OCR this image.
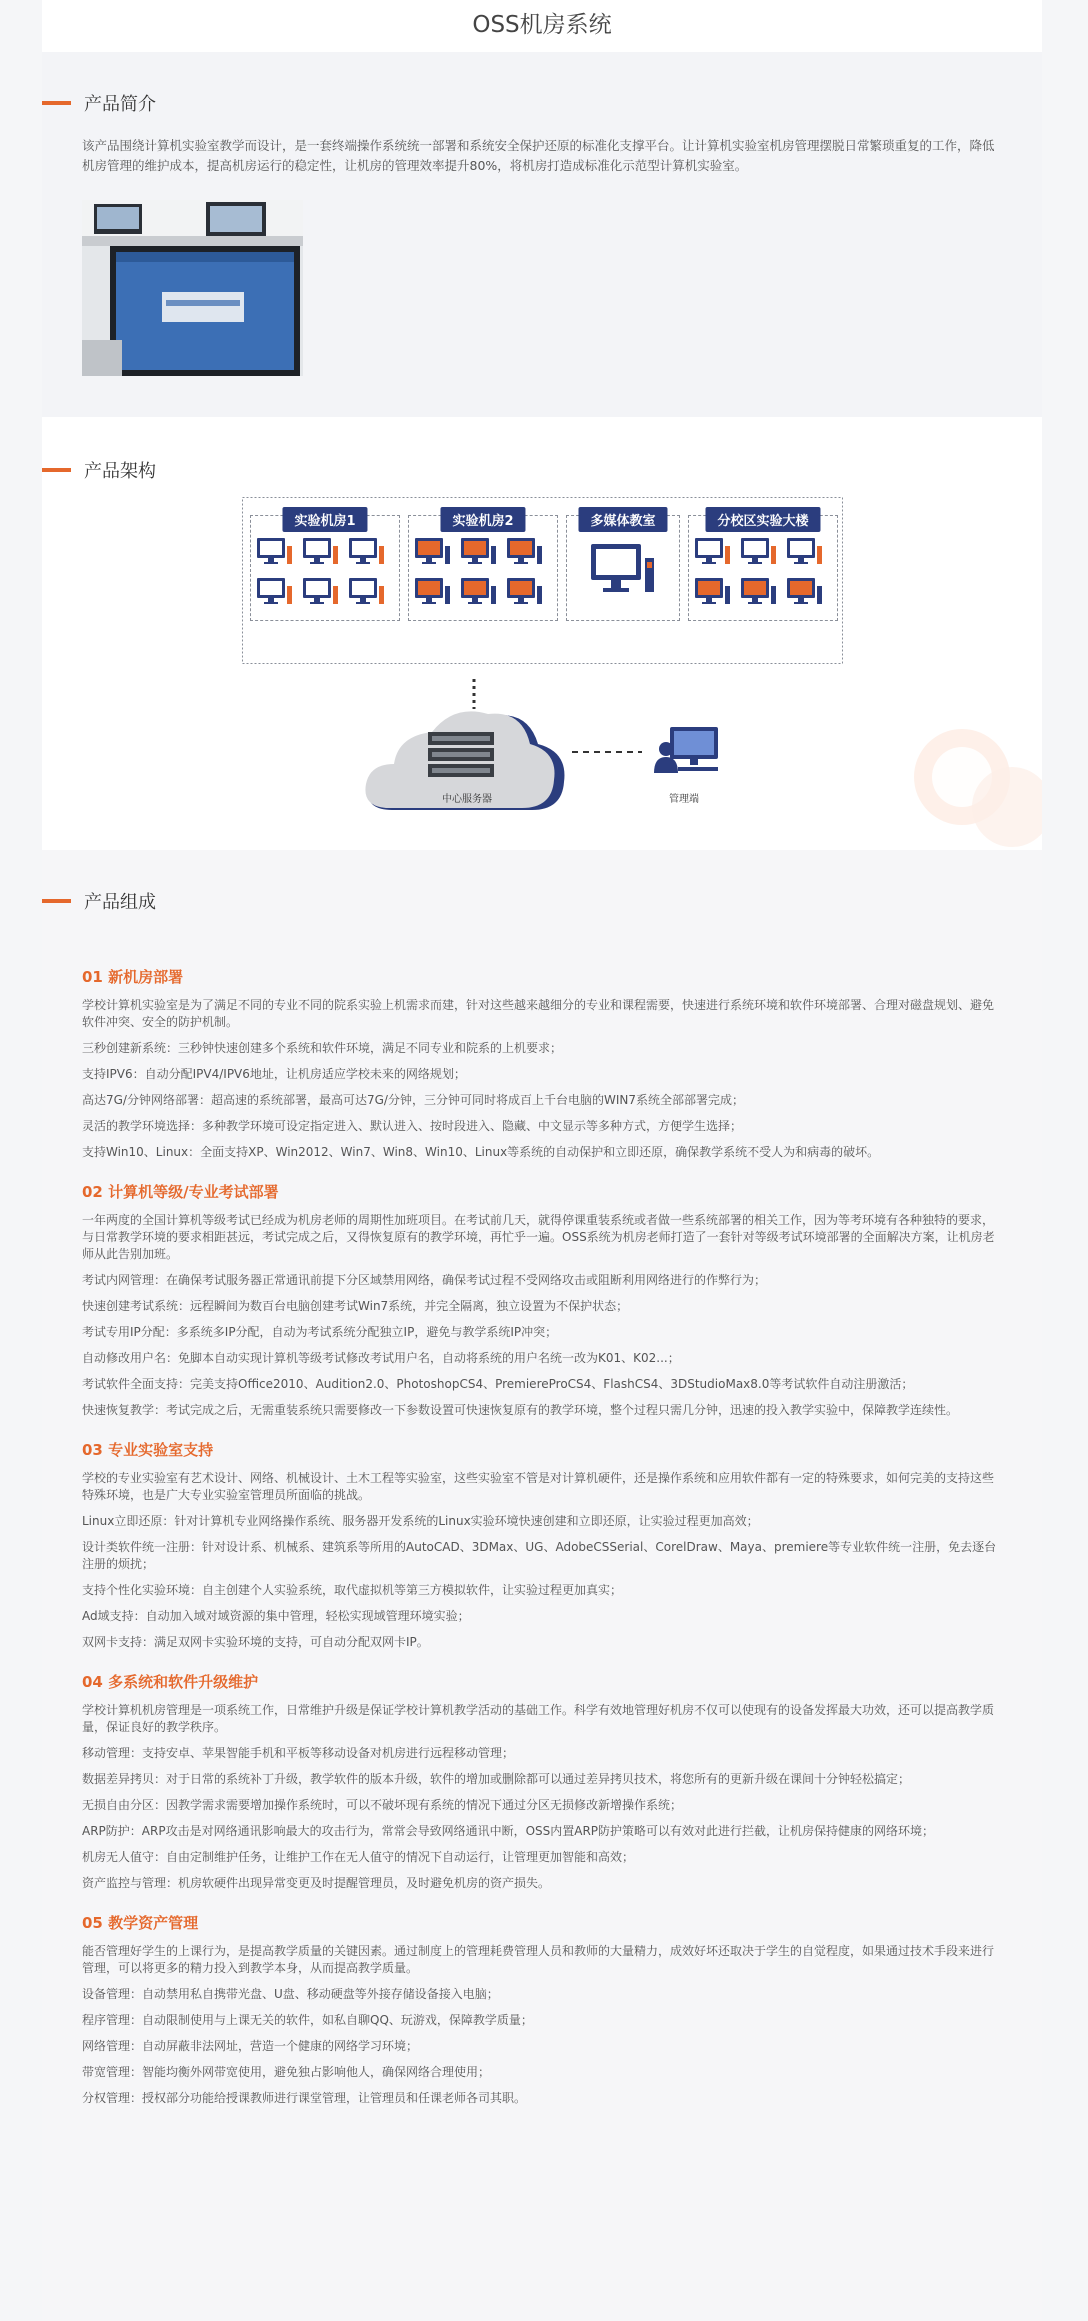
OSS机房系统
产品简介

该产品围绕计算机实验室教学而设计，是一套终端操作系统统一部署和系统安全保护还原的标准化支撑平台。让计算机实验室机房管理摆脱日常繁琐重复的工作，降低机房管理的维护成本，提高机房运行的稳定性，让机房的管理效率提升80%，将机房打造成标准化示范型计算机实验室。

产品架构
实验机房1	实验机房2	多媒体教室	分校区实验大楼
中心服务器	管理端
产品组成
01 新机房部署

学校计算机实验室是为了满足不同的专业不同的院系实验上机需求而建，针对这些越来越细分的专业和课程需要，快速进行系统环境和软件环境部署、合理对磁盘规划、避免软件冲突、安全的防护机制。

三秒创建新系统：三秒钟快速创建多个系统和软件环境，满足不同专业和院系的上机要求；

支持IPV6：自动分配IPV4/IPV6地址，让机房适应学校未来的网络规划；

高达7G/分钟网络部署：超高速的系统部署，最高可达7G/分钟，三分钟可同时将成百上千台电脑的WIN7系统全部部署完成；

灵活的教学环境选择：多种教学环境可设定指定进入、默认进入、按时段进入、隐藏、中文显示等多种方式，方便学生选择；

支持Win10、Linux：全面支持XP、Win2012、Win7、Win8、Win10、Linux等系统的自动保护和立即还原，确保教学系统不受人为和病毒的破坏。

02 计算机等级/专业考试部署

一年两度的全国计算机等级考试已经成为机房老师的周期性加班项目。在考试前几天，就得停课重装系统或者做一些系统部署的相关工作，因为等考环境有各种独特的要求，与日常教学环境的要求相距甚远，考试完成之后，又得恢复原有的教学环境，再忙乎一遍。OSS系统为机房老师打造了一套针对等级考试环境部署的全面解决方案，让机房老师从此告别加班。

考试内网管理：在确保考试服务器正常通讯前提下分区域禁用网络，确保考试过程不受网络攻击或阻断利用网络进行的作弊行为；

快速创建考试系统：远程瞬间为数百台电脑创建考试Win7系统，并完全隔离，独立设置为不保护状态；

考试专用IP分配：多系统多IP分配，自动为考试系统分配独立IP，避免与教学系统IP冲突；

自动修改用户名：免脚本自动实现计算机等级考试修改考试用户名，自动将系统的用户名统一改为K01、K02...；

考试软件全面支持：完美支持Office2010、Audition2.0、PhotoshopCS4、PremiereProCS4、FlashCS4、3DStudioMax8.0等考试软件自动注册激活；

快速恢复教学：考试完成之后，无需重装系统只需要修改一下参数设置可快速恢复原有的教学环境，整个过程只需几分钟，迅速的投入教学实验中，保障教学连续性。

03 专业实验室支持

学校的专业实验室有艺术设计、网络、机械设计、土木工程等实验室，这些实验室不管是对计算机硬件，还是操作系统和应用软件都有一定的特殊要求，如何完美的支持这些特殊环境，也是广大专业实验室管理员所面临的挑战。

Linux立即还原：针对计算机专业网络操作系统、服务器开发系统的Linux实验环境快速创建和立即还原，让实验过程更加高效；

设计类软件统一注册：针对设计系、机械系、建筑系等所用的AutoCAD、3DMax、UG、AdobeCSSerial、CorelDraw、Maya、premiere等专业软件统一注册，免去逐台注册的烦扰；

支持个性化实验环境：自主创建个人实验系统，取代虚拟机等第三方模拟软件，让实验过程更加真实；

Ad域支持：自动加入域对域资源的集中管理，轻松实现域管理环境实验；

双网卡支持：满足双网卡实验环境的支持，可自动分配双网卡IP。

04 多系统和软件升级维护

学校计算机机房管理是一项系统工作，日常维护升级是保证学校计算机教学活动的基础工作。科学有效地管理好机房不仅可以使现有的设备发挥最大功效，还可以提高教学质量，保证良好的教学秩序。

移动管理：支持安卓、苹果智能手机和平板等移动设备对机房进行远程移动管理；

数据差异拷贝：对于日常的系统补丁升级，教学软件的版本升级，软件的增加或删除都可以通过差异拷贝技术，将您所有的更新升级在课间十分钟轻松搞定；

无损自由分区：因教学需求需要增加操作系统时，可以不破坏现有系统的情况下通过分区无损修改新增操作系统；

ARP防护：ARP攻击是对网络通讯影响最大的攻击行为，常常会导致网络通讯中断，OSS内置ARP防护策略可以有效对此进行拦截，让机房保持健康的网络环境；

机房无人值守：自由定制维护任务，让维护工作在无人值守的情况下自动运行，让管理更加智能和高效；

资产监控与管理：机房软硬件出现异常变更及时提醒管理员，及时避免机房的资产损失。

05 教学资产管理

能否管理好学生的上课行为，是提高教学质量的关键因素。通过制度上的管理耗费管理人员和教师的大量精力，成效好坏还取决于学生的自觉程度，如果通过技术手段来进行管理，可以将更多的精力投入到教学本身，从而提高教学质量。

设备管理：自动禁用私自携带光盘、U盘、移动硬盘等外接存储设备接入电脑；

程序管理：自动限制使用与上课无关的软件，如私自聊QQ、玩游戏，保障教学质量；

网络管理：自动屏蔽非法网址，营造一个健康的网络学习环境；

带宽管理：智能均衡外网带宽使用，避免独占影响他人，确保网络合理使用；

分权管理：授权部分功能给授课教师进行课堂管理，让管理员和任课老师各司其职。
